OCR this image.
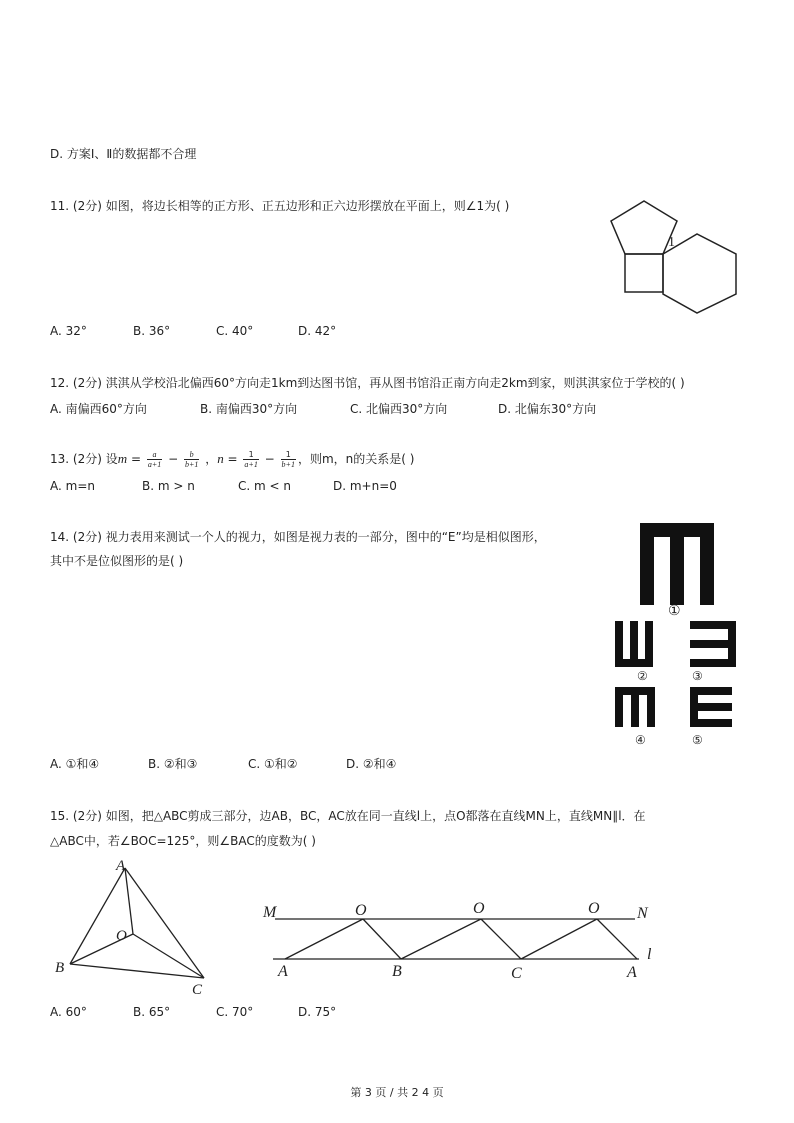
D. 方案Ⅰ、Ⅱ的数据都不合理
11. (2分) 如图，将边长相等的正方形、正五边形和正六边形摆放在平面上，则∠1为( )
1
A. 32°	B. 36°	C. 40°	D. 42°
12. (2分) 淇淇从学校沿北偏西60°方向走1km到达图书馆，再从图书馆沿正南方向走2km到家，则淇淇家位于学校的( )
A. 南偏西60°方向	B. 南偏西30°方向	C. 北偏西30°方向	D. 北偏东30°方向
13. (2分) 设$m = \frac{a}{a+1} - \frac{b}{b+1}$ ，$n = \frac{1}{a+1} - \frac{1}{b+1}$ ，则m，n的关系是( )
A. m=n	B. m > n	C. m < n	D. m+n=0
14. (2分) 视力表用来测试一个人的视力，如图是视力表的一部分，图中的“E”均是相似图形，
其中不是位似图形的是( )
①
②	③
④	⑤
A. ①和④	B. ②和③	C. ①和②	D. ②和④
15. (2分) 如图，把△ABC剪成三部分，边AB，BC，AC放在同一直线l上，点O都落在直线MN上，直线MN∥l．在
△ABC中，若∠BOC=125°，则∠BAC的度数为( )
A
B
C
O
M	N
l
O	O	O
A	B	C	A
A. 60°	B. 65°	C. 70°	D. 75°
第 3 页 / 共 2 4 页
